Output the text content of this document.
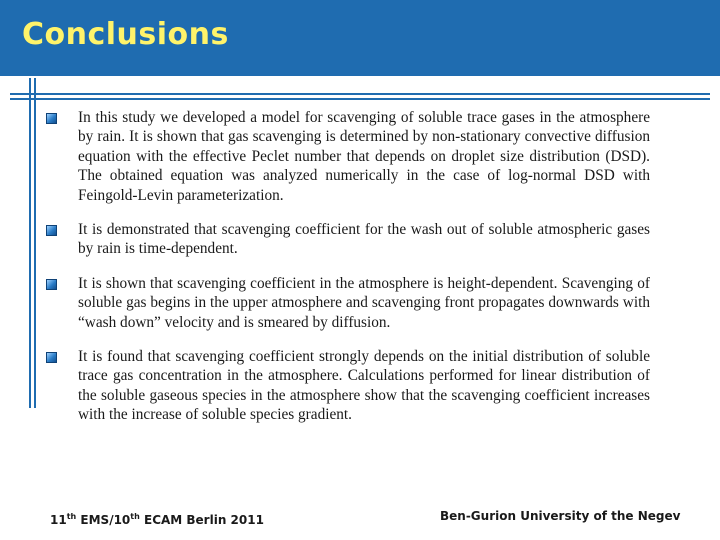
Conclusions

In this study we developed a model for scavenging of soluble trace gases in the atmosphere by rain. It is shown that gas scavenging is determined by non-stationary convective diffusion equation with the effective Peclet number that depends on droplet size distribution (DSD). The obtained equation was analyzed numerically in the case of log-normal DSD with Feingold-Levin parameterization.

It is demonstrated that scavenging coefficient for the wash out of soluble atmospheric gases by rain is time-dependent.

It is shown that scavenging coefficient in the atmosphere is height-dependent. Scavenging of soluble gas begins in the upper atmosphere and scavenging front propagates downwards with “wash down” velocity and is smeared by diffusion.

It is found that scavenging coefficient strongly depends on the initial distribution of soluble trace gas concentration in the atmosphere. Calculations performed for linear distribution of the soluble gaseous species in the atmosphere show that the scavenging coefficient increases with the increase of soluble species gradient.

11th EMS/10th ECAM Berlin 2011	Ben-Gurion University of the Negev
